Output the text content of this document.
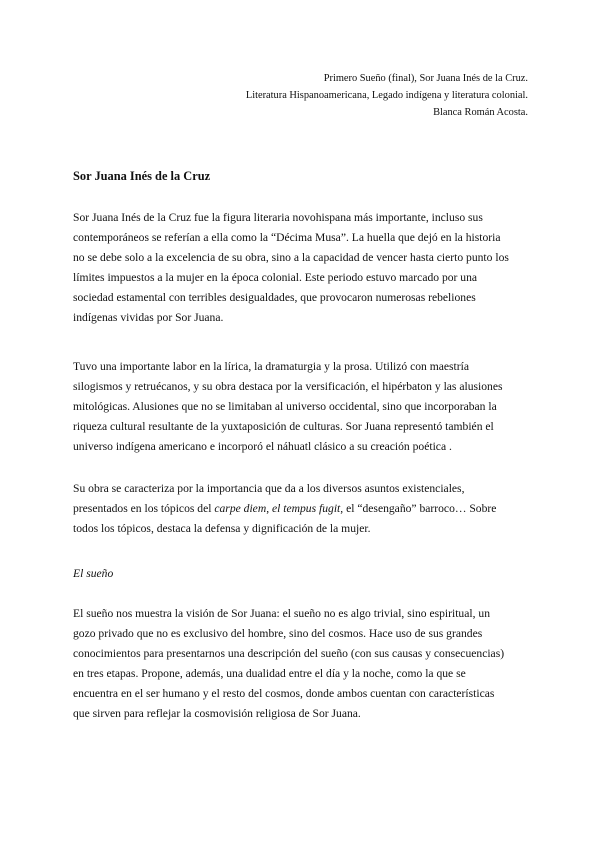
Primero Sueño (final), Sor Juana Inés de la Cruz.
Literatura Hispanoamericana, Legado indígena y literatura colonial.
Blanca Román Acosta.
Sor Juana Inés de la Cruz
Sor Juana Inés de la Cruz fue la figura literaria novohispana más importante, incluso sus
contemporáneos se referían a ella como la “Décima Musa”. La huella que dejó en la historia
no se debe solo a la excelencia de su obra, sino a la capacidad de vencer hasta cierto punto los
límites impuestos a la mujer en la época colonial. Este periodo estuvo marcado por una
sociedad estamental con terribles desigualdades, que provocaron numerosas rebeliones
indígenas vividas por Sor Juana.
Tuvo una importante labor en la lírica, la dramaturgia y la prosa. Utilizó con maestría
silogismos y retruécanos, y su obra destaca por la versificación, el hipérbaton y las alusiones
mitológicas. Alusiones que no se limitaban al universo occidental, sino que incorporaban la
riqueza cultural resultante de la yuxtaposición de culturas. Sor Juana representó también el
universo indígena americano e incorporó el náhuatl clásico a su creación poética .
Su obra se caracteriza por la importancia que da a los diversos asuntos existenciales,
presentados en los tópicos del carpe diem, el tempus fugit, el “desengaño” barroco… Sobre
todos los tópicos, destaca la defensa y dignificación de la mujer.
El sueño
El sueño nos muestra la visión de Sor Juana: el sueño no es algo trivial, sino espiritual, un
gozo privado que no es exclusivo del hombre, sino del cosmos. Hace uso de sus grandes
conocimientos para presentarnos una descripción del sueño (con sus causas y consecuencias)
en tres etapas. Propone, además, una dualidad entre el día y la noche, como la que se
encuentra en el ser humano y el resto del cosmos, donde ambos cuentan con características
que sirven para reflejar la cosmovisión religiosa de Sor Juana.
